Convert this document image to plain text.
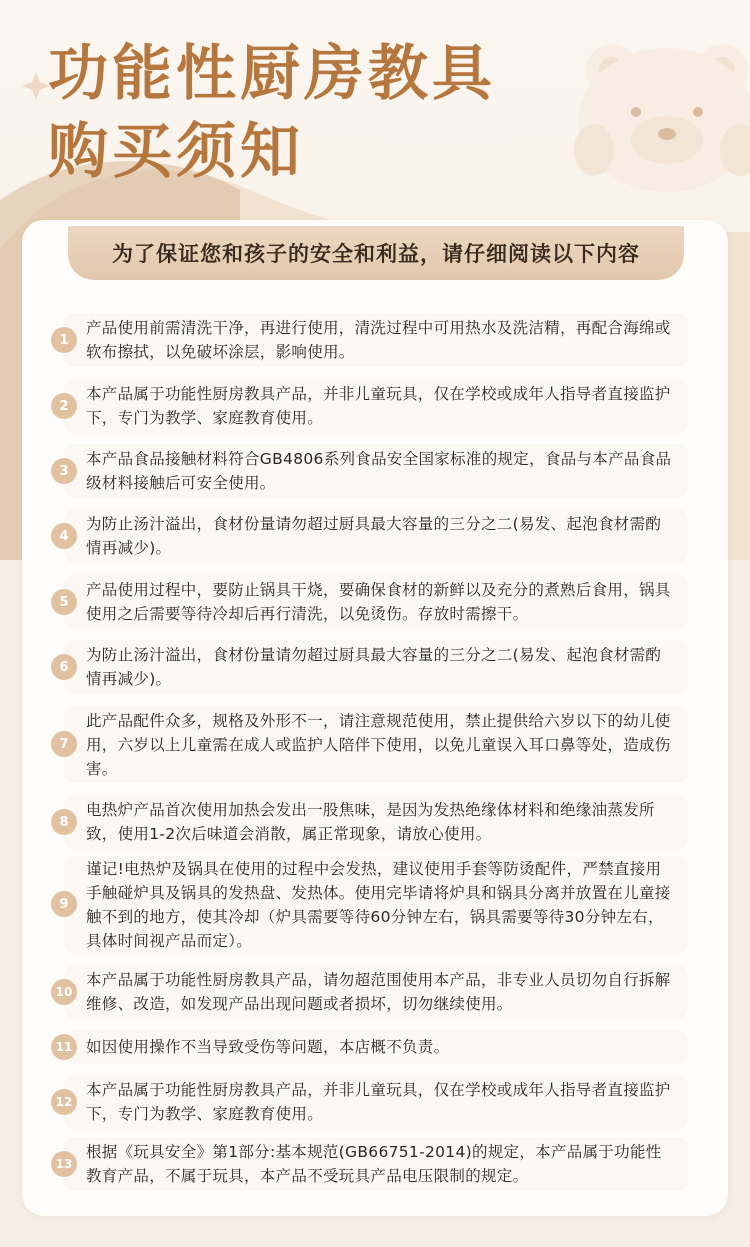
功能性厨房教具
购买须知
为了保证您和孩子的安全和利益，请仔细阅读以下内容
产品使用前需清洗干净，再进行使用，清洗过程中可用热水及洗洁精，再配合海绵或软布擦拭，以免破坏涂层，影响使用。
1
本产品属于功能性厨房教具产品，并非儿童玩具，仅在学校或成年人指导者直接监护下，专门为教学、家庭教育使用。
2
本产品食品接触材料符合GB4806系列食品安全国家标准的规定，食品与本产品食品级材料接触后可安全使用。
3
为防止汤汁溢出，食材份量请勿超过厨具最大容量的三分之二(易发、起泡食材需酌情再减少)。
4
产品使用过程中，要防止锅具干烧，要确保食材的新鲜以及充分的煮熟后食用，锅具使用之后需要等待冷却后再行清洗，以免烫伤。存放时需擦干。
5
为防止汤汁溢出，食材份量请勿超过厨具最大容量的三分之二(易发、起泡食材需酌情再减少)。
6
此产品配件众多，规格及外形不一，请注意规范使用，禁止提供给六岁以下的幼儿使用，六岁以上儿童需在成人或监护人陪伴下使用，以免儿童误入耳口鼻等处，造成伤害。
7
电热炉产品首次使用加热会发出一股焦味，是因为发热绝缘体材料和绝缘油蒸发所致，使用1-2次后味道会消散，属正常现象，请放心使用。
8
谨记!电热炉及锅具在使用的过程中会发热，建议使用手套等防烫配件，严禁直接用手触碰炉具及锅具的发热盘、发热体。使用完毕请将炉具和锅具分离并放置在儿童接触不到的地方，使其冷却（炉具需要等待60分钟左右，锅具需要等待30分钟左右，具体时间视产品而定）。
9
本产品属于功能性厨房教具产品，请勿超范围使用本产品，非专业人员切勿自行拆解维修、改造，如发现产品出现问题或者损坏，切勿继续使用。
10
如因使用操作不当导致受伤等问题，本店概不负责。
11
本产品属于功能性厨房教具产品，并非儿童玩具，仅在学校或成年人指导者直接监护下，专门为教学、家庭教育使用。
12
根据《玩具安全》第1部分:基本规范(GB66751-2014)的规定，本产品属于功能性教育产品，不属于玩具，本产品不受玩具产品电压限制的规定。
13
